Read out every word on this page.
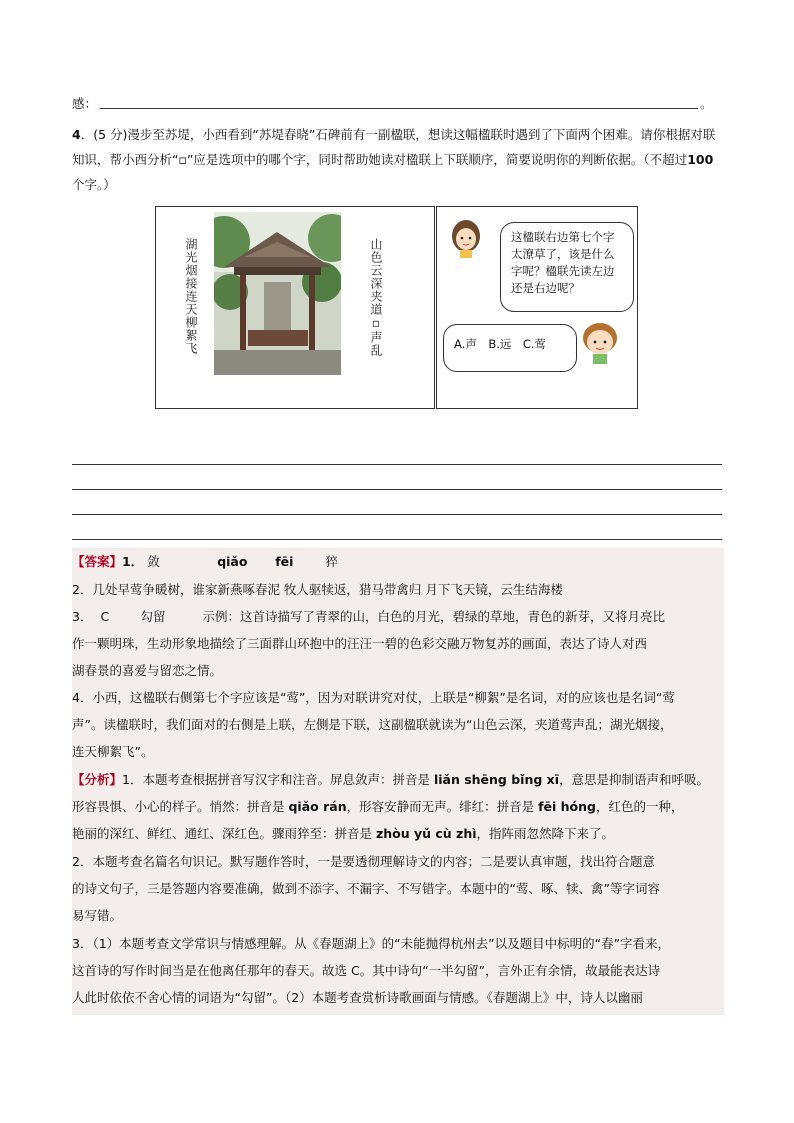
感：	。
4．(5 分)漫步至苏堤，小西看到“苏堤春晓”石碑前有一副楹联，想读这幅楹联时遇到了下面两个困难。请你根据对联知识，帮小西分析“▫”应是选项中的哪个字，同时帮助她读对楹联上下联顺序，简要说明你的判断依据。（不超过100个字。）
湖光烟接连天柳絮飞	山色云深夹道▫声乱
这楹联右边第七个字太潦草了，该是什么字呢？楹联先读左边还是右边呢？
A.声　B.远　C.莺
【答案】1． 敛	qiǎo fēi	猝
2．几处早莺争暖树，谁家新燕啄春泥 牧人驱犊返，猎马带禽归 月下飞天镜，云生结海楼
3． C	勾留	示例：这首诗描写了青翠的山，白色的月光，碧绿的草地，青色的新芽，又将月亮比
作一颗明珠，生动形象地描绘了三面群山环抱中的汪汪一碧的色彩交融万物复苏的画面，表达了诗人对西
湖春景的喜爱与留恋之情。
4．小西，这楹联右侧第七个字应该是“莺”，因为对联讲究对仗，上联是“柳絮”是名词，对的应该也是名词“莺
声”。读楹联时，我们面对的右侧是上联，左侧是下联，这副楹联就读为“山色云深，夹道莺声乱；湖光烟接，
连天柳絮飞”。
【分析】1．本题考查根据拼音写汉字和注音。屏息敛声：拼音是 liǎn shēng bǐng xī，意思是抑制语声和呼吸。
形容畏惧、小心的样子。悄然：拼音是 qiǎo rán，形容安静而无声。绯红：拼音是 fēi hóng，红色的一种，
艳丽的深红、鲜红、通红、深红色。骤雨猝至：拼音是 zhòu yǔ cù zhì，指阵雨忽然降下来了。
2．本题考查名篇名句识记。默写题作答时，一是要透彻理解诗文的内容；二是要认真审题，找出符合题意
的诗文句子，三是答题内容要准确，做到不添字、不漏字、不写错字。本题中的“莺、啄、犊、禽”等字词容
易写错。
3．（1）本题考查文学常识与情感理解。从《春题湖上》的“未能抛得杭州去”以及题目中标明的“春”字看来，
这首诗的写作时间当是在他离任那年的春天。故选 C。其中诗句“一半勾留”，言外正有余情，故最能表达诗
人此时依依不舍心情的词语为“勾留”。（2）本题考查赏析诗歌画面与情感。《春题湖上》中，诗人以幽丽
